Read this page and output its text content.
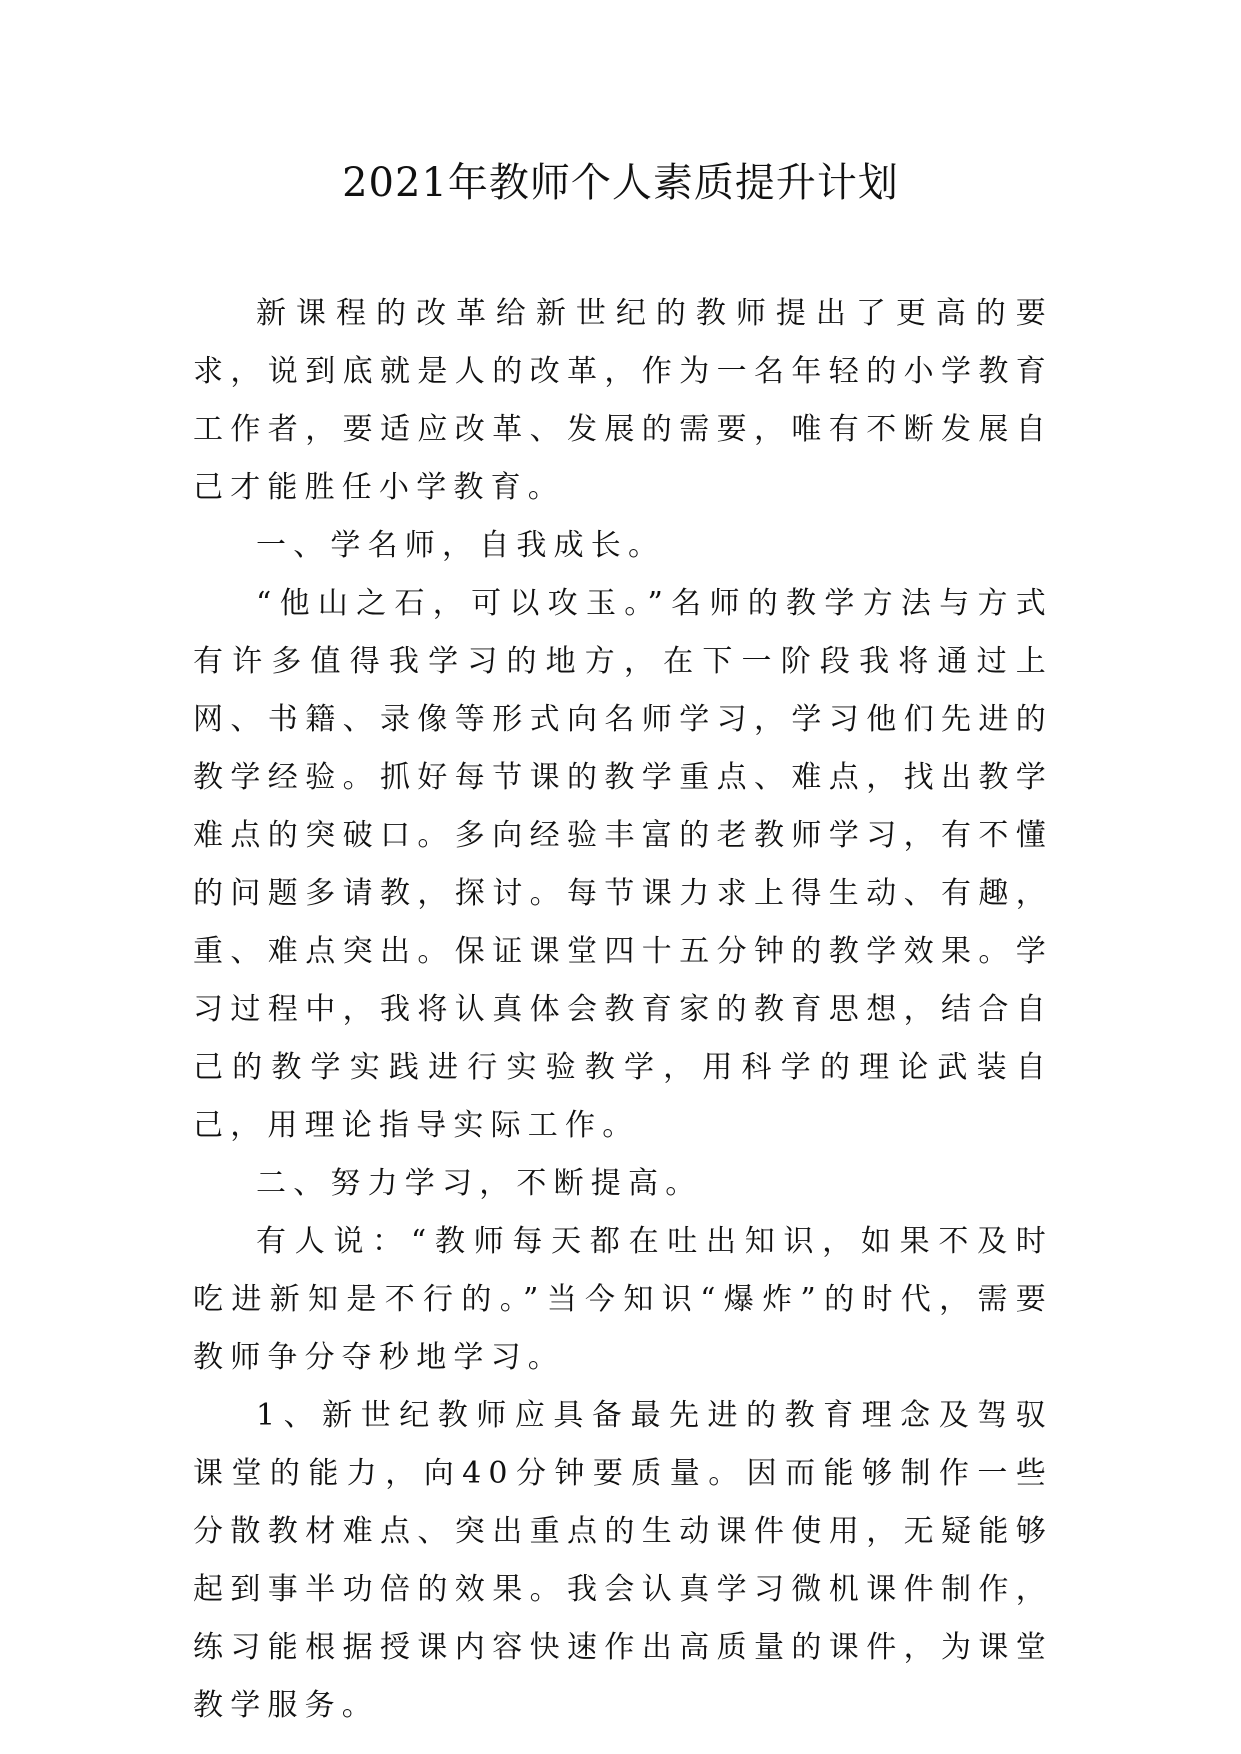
2021年教师个人素质提升计划

新课程的改革给新世纪的教师提出了更高的要求，说到底就是人的改革，作为一名年轻的小学教育工作者，要适应改革、发展的需要，唯有不断发展自己才能胜任小学教育。

一、学名师，自我成长。

“他山之石，可以攻玉。”名师的教学方法与方式有许多值得我学习的地方，在下一阶段我将通过上网、书籍、录像等形式向名师学习，学习他们先进的教学经验。抓好每节课的教学重点、难点，找出教学难点的突破口。多向经验丰富的老教师学习，有不懂的问题多请教，探讨。每节课力求上得生动、有趣，重、难点突出。保证课堂四十五分钟的教学效果。学习过程中，我将认真体会教育家的教育思想，结合自己的教学实践进行实验教学，用科学的理论武装自己，用理论指导实际工作。

二、努力学习，不断提高。

有人说：“教师每天都在吐出知识，如果不及时吃进新知是不行的。”当今知识“爆炸”的时代，需要教师争分夺秒地学习。

1、新世纪教师应具备最先进的教育理念及驾驭课堂的能力，向40分钟要质量。因而能够制作一些分散教材难点、突出重点的生动课件使用，无疑能够起到事半功倍的效果。我会认真学习微机课件制作，练习能根据授课内容快速作出高质量的课件，为课堂教学服务。
